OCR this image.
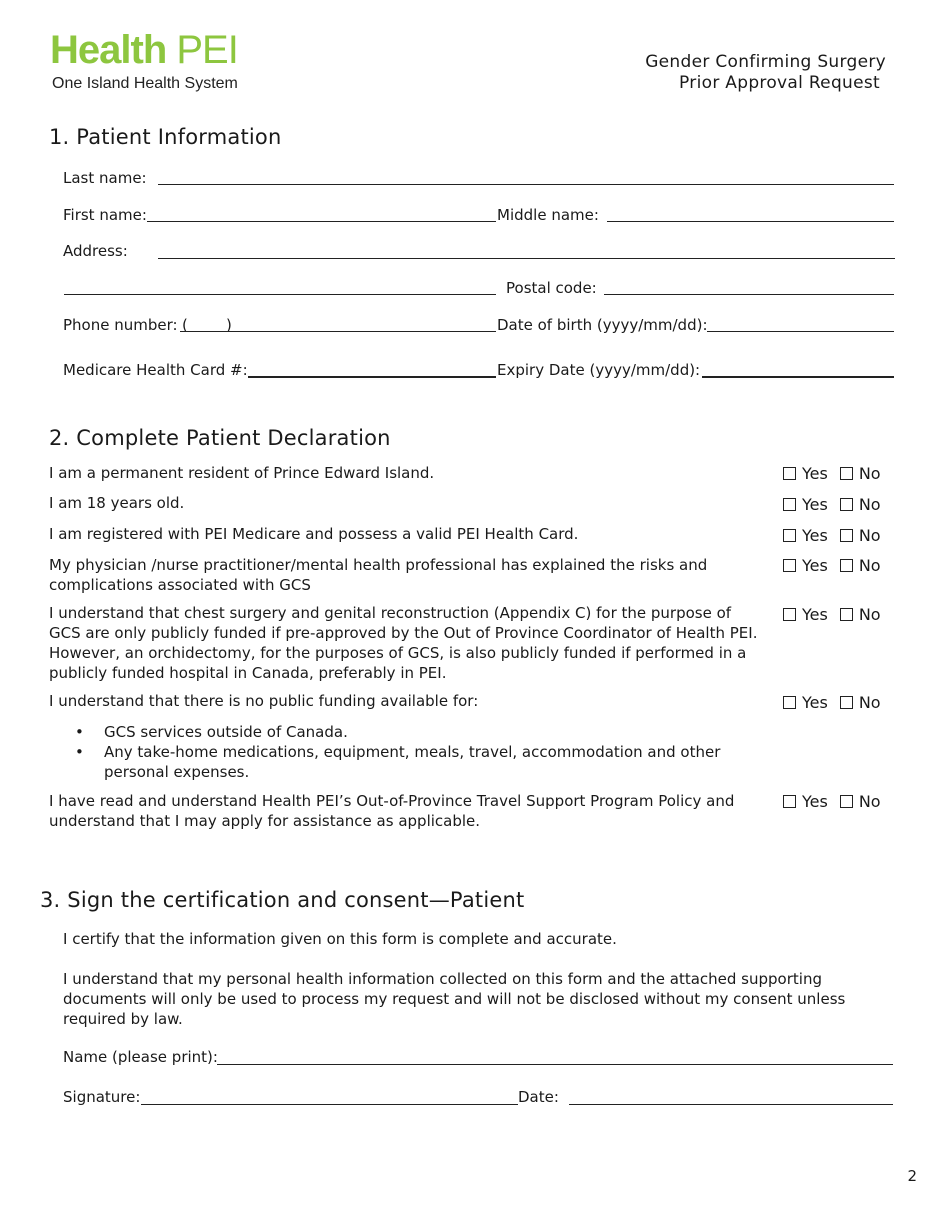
Health PEI
One Island Health System
Gender Confirming Surgery
Prior Approval Request
1. Patient Information
Last name:
First name:	Middle name:
Address:
Postal code:
Phone number: (        )	Date of birth (yyyy/mm/dd):
Medicare Health Card #:	Expiry Date (yyyy/mm/dd):
2. Complete Patient Declaration
I am a permanent resident of Prince Edward Island.	Yes No
I am 18 years old.	Yes No
I am registered with PEI Medicare and possess a valid PEI Health Card.	Yes No
My physician /nurse practitioner/mental health professional has explained the risks and complications associated with GCS
Yes No
I understand that chest surgery and genital reconstruction (Appendix C) for the purpose of GCS are only publicly funded if pre-approved by the Out of Province Coordinator of Health PEI. However, an orchidectomy, for the purposes of GCS, is also publicly funded if performed in a publicly funded hospital in Canada, preferably in PEI.
Yes No
I understand that there is no public funding available for:	Yes No
• GCS services outside of Canada.
• Any take-home medications, equipment, meals, travel, accommodation and other personal expenses.
I have read and understand Health PEI’s Out-of-Province Travel Support Program Policy and understand that I may apply for assistance as applicable.
Yes No
3. Sign the certification and consent—Patient
I certify that the information given on this form is complete and accurate.
I understand that my personal health information collected on this form and the attached supporting documents will only be used to process my request and will not be disclosed without my consent unless required by law.
Name (please print):
Signature:	Date:
2
